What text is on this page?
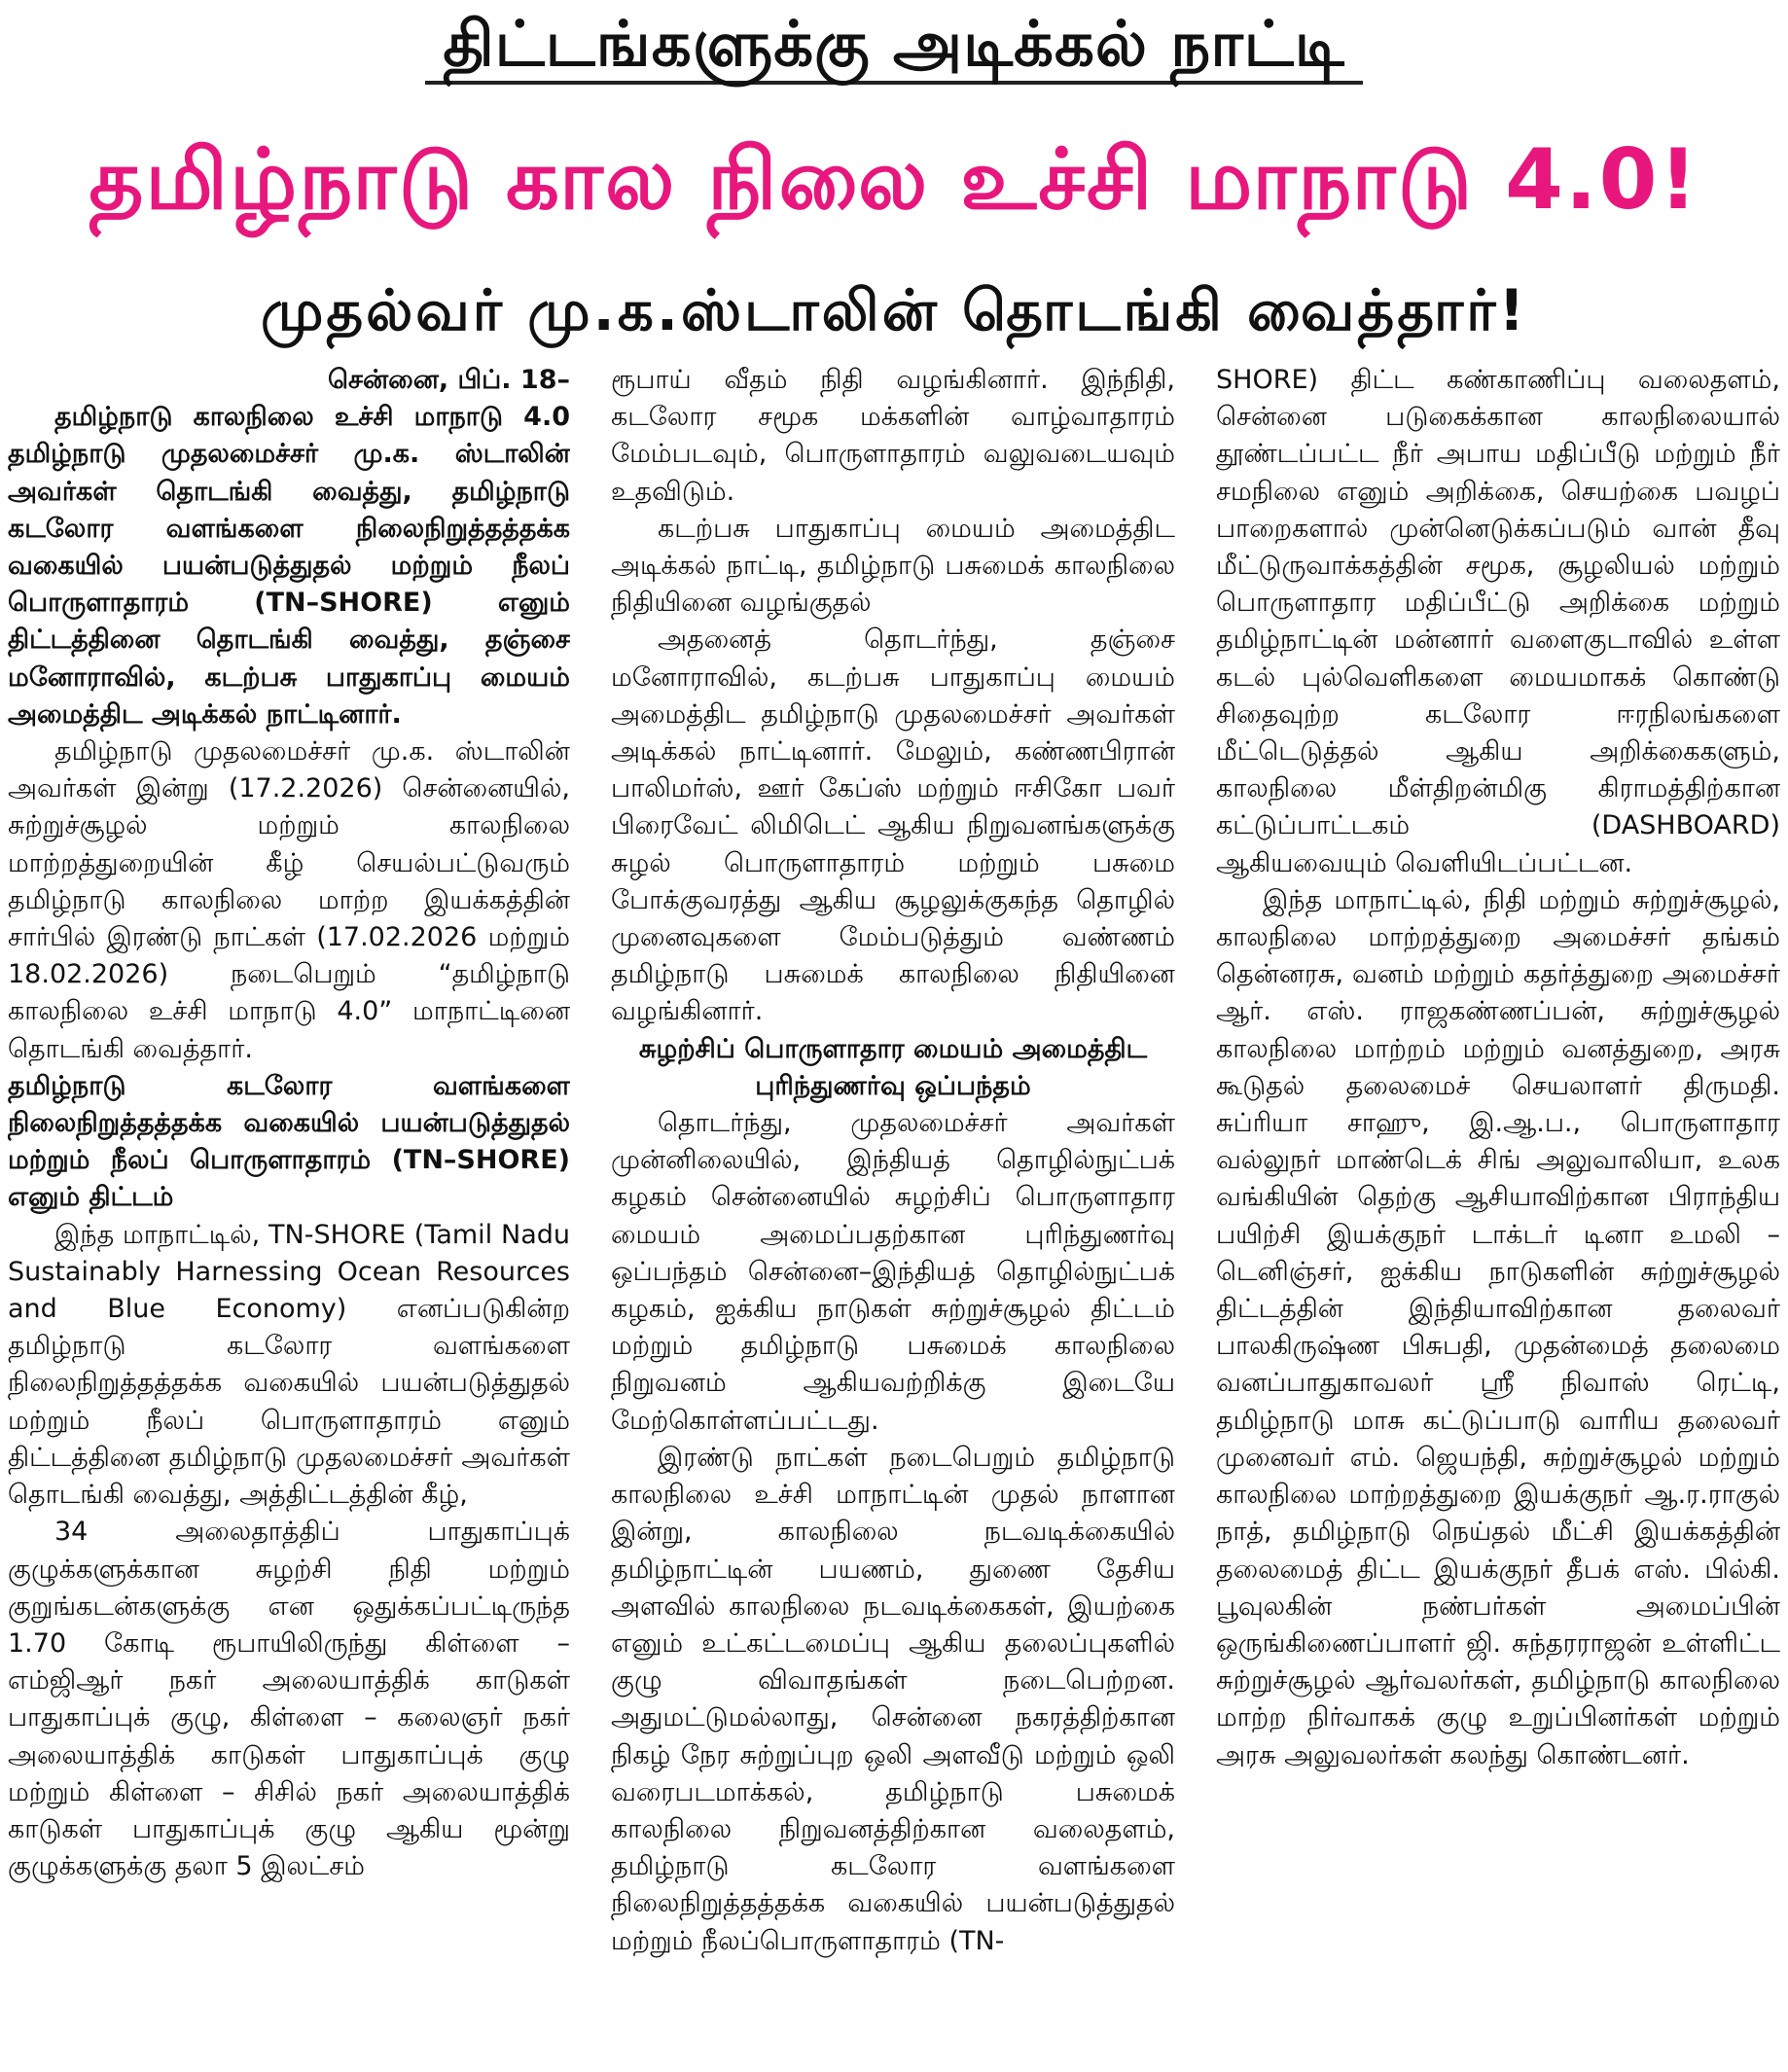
திட்டங்களுக்கு அடிக்கல் நாட்டி
தமிழ்நாடு கால நிலை உச்சி மாநாடு 4.0!
முதல்வர் மு.க.ஸ்டாலின் தொடங்கி வைத்தார்!

சென்னை, பிப். 18–

தமிழ்நாடு காலநிலை உச்சி மாநாடு 4.0 தமிழ்நாடு முதலமைச்சர் மு.க. ஸ்டாலின் அவர்கள் தொடங்கி வைத்து, தமிழ்நாடு கடலோர வளங்களை நிலைநிறுத்தத்தக்க வகையில் பயன்படுத்துதல் மற்றும் நீலப் பொருளாதாரம் (TN–SHORE) எனும் திட்டத்தினை தொடங்கி வைத்து, தஞ்சை மனோராவில், கடற்பசு பாதுகாப்பு மையம் அமைத்திட அடிக்கல் நாட்டினார்.

தமிழ்நாடு முதலமைச்சர் மு.க. ஸ்டாலின் அவர்கள் இன்று (17.2.2026) சென்னையில், சுற்றுச்சூழல் மற்றும் காலநிலை மாற்றத்துறையின் கீழ் செயல்பட்டுவரும் தமிழ்நாடு காலநிலை மாற்ற இயக்கத்தின் சார்பில் இரண்டு நாட்கள் (17.02.2026 மற்றும் 18.02.2026) நடைபெறும் “தமிழ்நாடு காலநிலை உச்சி மாநாடு 4.0” மாநாட்டினை தொடங்கி வைத்தார்.

தமிழ்நாடு கடலோர வளங்களை நிலைநிறுத்தத்தக்க வகையில் பயன்படுத்துதல் மற்றும் நீலப் பொருளாதாரம் (TN–SHORE) எனும் திட்டம்

இந்த மாநாட்டில், TN-SHORE (Tamil Nadu Sustainably Harnessing Ocean Resources and Blue Economy) எனப்படுகின்ற தமிழ்நாடு கடலோர வளங்களை நிலைநிறுத்தத்தக்க வகையில் பயன்படுத்துதல் மற்றும் நீலப் பொருளாதாரம் எனும் திட்டத்தினை தமிழ்நாடு முதலமைச்சர் அவர்கள் தொடங்கி வைத்து, அத்திட்டத்தின் கீழ்,

34 அலைதாத்திப் பாதுகாப்புக் குழுக்களுக்கான சுழற்சி நிதி மற்றும் குறுங்கடன்களுக்கு என ஒதுக்கப்பட்டிருந்த 1.70 கோடி ரூபாயிலிருந்து கிள்ளை – எம்ஜிஆர் நகர் அலையாத்திக் காடுகள் பாதுகாப்புக் குழு, கிள்ளை – கலைஞர் நகர் அலையாத்திக் காடுகள் பாதுகாப்புக் குழு மற்றும் கிள்ளை – சிசில் நகர் அலையாத்திக் காடுகள் பாதுகாப்புக் குழு ஆகிய மூன்று குழுக்களுக்கு தலா 5 இலட்சம்

ரூபாய் வீதம் நிதி வழங்கினார். இந்நிதி, கடலோர சமூக மக்களின் வாழ்வாதாரம் மேம்படவும், பொருளாதாரம் வலுவடையவும் உதவிடும்.

கடற்பசு பாதுகாப்பு மையம் அமைத்திட அடிக்கல் நாட்டி, தமிழ்நாடு பசுமைக் காலநிலை நிதியினை வழங்குதல்

அதனைத் தொடர்ந்து, தஞ்சை மனோராவில், கடற்பசு பாதுகாப்பு மையம் அமைத்திட தமிழ்நாடு முதலமைச்சர் அவர்கள் அடிக்கல் நாட்டினார். மேலும், கண்ணபிரான் பாலிமர்ஸ், ஊர் கேப்ஸ் மற்றும் ஈசிகோ பவர் பிரைவேட் லிமிடெட் ஆகிய நிறுவனங்களுக்கு சுழல் பொருளாதாரம் மற்றும் பசுமை போக்குவரத்து ஆகிய சூழலுக்குகந்த தொழில் முனைவுகளை மேம்படுத்தும் வண்ணம் தமிழ்நாடு பசுமைக் காலநிலை நிதியினை வழங்கினார்.

சுழற்சிப் பொருளாதார மையம் அமைத்திட புரிந்துணர்வு ஒப்பந்தம்

தொடர்ந்து, முதலமைச்சர் அவர்கள் முன்னிலையில், இந்தியத் தொழில்நுட்பக் கழகம் சென்னையில் சுழற்சிப் பொருளாதார மையம் அமைப்பதற்கான புரிந்துணர்வு ஒப்பந்தம் சென்னை–இந்தியத் தொழில்நுட்பக் கழகம், ஐக்கிய நாடுகள் சுற்றுச்சூழல் திட்டம் மற்றும் தமிழ்நாடு பசுமைக் காலநிலை நிறுவனம் ஆகியவற்றிக்கு இடையே மேற்கொள்ளப்பட்டது.

இரண்டு நாட்கள் நடைபெறும் தமிழ்நாடு காலநிலை உச்சி மாநாட்டின் முதல் நாளான இன்று, காலநிலை நடவடிக்கையில் தமிழ்நாட்டின் பயணம், துணை தேசிய அளவில் காலநிலை நடவடிக்கைகள், இயற்கை எனும் உட்கட்டமைப்பு ஆகிய தலைப்புகளில் குழு விவாதங்கள் நடைபெற்றன. அதுமட்டுமல்லாது, சென்னை நகரத்திற்கான நிகழ் நேர சுற்றுப்புற ஒலி அளவீடு மற்றும் ஒலி வரைபடமாக்கல், தமிழ்நாடு பசுமைக் காலநிலை நிறுவனத்திற்கான வலைதளம், தமிழ்நாடு கடலோர வளங்களை நிலைநிறுத்தத்தக்க வகையில் பயன்படுத்துதல் மற்றும் நீலப்பொருளாதாரம் (TN-

SHORE) திட்ட கண்காணிப்பு வலைதளம், சென்னை படுகைக்கான காலநிலையால் தூண்டப்பட்ட நீர் அபாய மதிப்பீடு மற்றும் நீர் சமநிலை எனும் அறிக்கை, செயற்கை பவழப் பாறைகளால் முன்னெடுக்கப்படும் வான் தீவு மீட்டுருவாக்கத்தின் சமூக, சூழலியல் மற்றும் பொருளாதார மதிப்பீட்டு அறிக்கை மற்றும் தமிழ்நாட்டின் மன்னார் வளைகுடாவில் உள்ள கடல் புல்வெளிகளை மையமாகக் கொண்டு சிதைவுற்ற கடலோர ஈரநிலங்களை மீட்டெடுத்தல் ஆகிய அறிக்கைகளும், காலநிலை மீள்திறன்மிகு கிராமத்திற்கான கட்டுப்பாட்டகம் (DASHBOARD) ஆகியவையும் வெளியிடப்பட்டன.

இந்த மாநாட்டில், நிதி மற்றும் சுற்றுச்சூழல், காலநிலை மாற்றத்துறை அமைச்சர் தங்கம் தென்னரசு, வனம் மற்றும் கதர்த்துறை அமைச்சர் ஆர். எஸ். ராஜகண்ணப்பன், சுற்றுச்சூழல் காலநிலை மாற்றம் மற்றும் வனத்துறை, அரசு கூடுதல் தலைமைச் செயலாளர் திருமதி. சுப்ரியா சாஹு, இ.ஆ.ப., பொருளாதார வல்லுநர் மாண்டெக் சிங் அலுவாலியா, உலக வங்கியின் தெற்கு ஆசியாவிற்கான பிராந்திய பயிற்சி இயக்குநர் டாக்டர் டினா உமலி – டெனிஞ்சர், ஐக்கிய நாடுகளின் சுற்றுச்சூழல் திட்டத்தின் இந்தியாவிற்கான தலைவர் பாலகிருஷ்ண பிசுபதி, முதன்மைத் தலைமை வனப்பாதுகாவலர் ஸ்ரீ நிவாஸ் ரெட்டி, தமிழ்நாடு மாசு கட்டுப்பாடு வாரிய தலைவர் முனைவர் எம். ஜெயந்தி, சுற்றுச்சூழல் மற்றும் காலநிலை மாற்றத்துறை இயக்குநர் ஆ.ர.ராகுல் நாத், தமிழ்நாடு நெய்தல் மீட்சி இயக்கத்தின் தலைமைத் திட்ட இயக்குநர் தீபக் எஸ். பில்கி. பூவுலகின் நண்பர்கள் அமைப்பின் ஒருங்கிணைப்பாளர் ஜி. சுந்தரராஜன் உள்ளிட்ட சுற்றுச்சூழல் ஆர்வலர்கள், தமிழ்நாடு காலநிலை மாற்ற நிர்வாகக் குழு உறுப்பினர்கள் மற்றும் அரசு அலுவலர்கள் கலந்து கொண்டனர்.
